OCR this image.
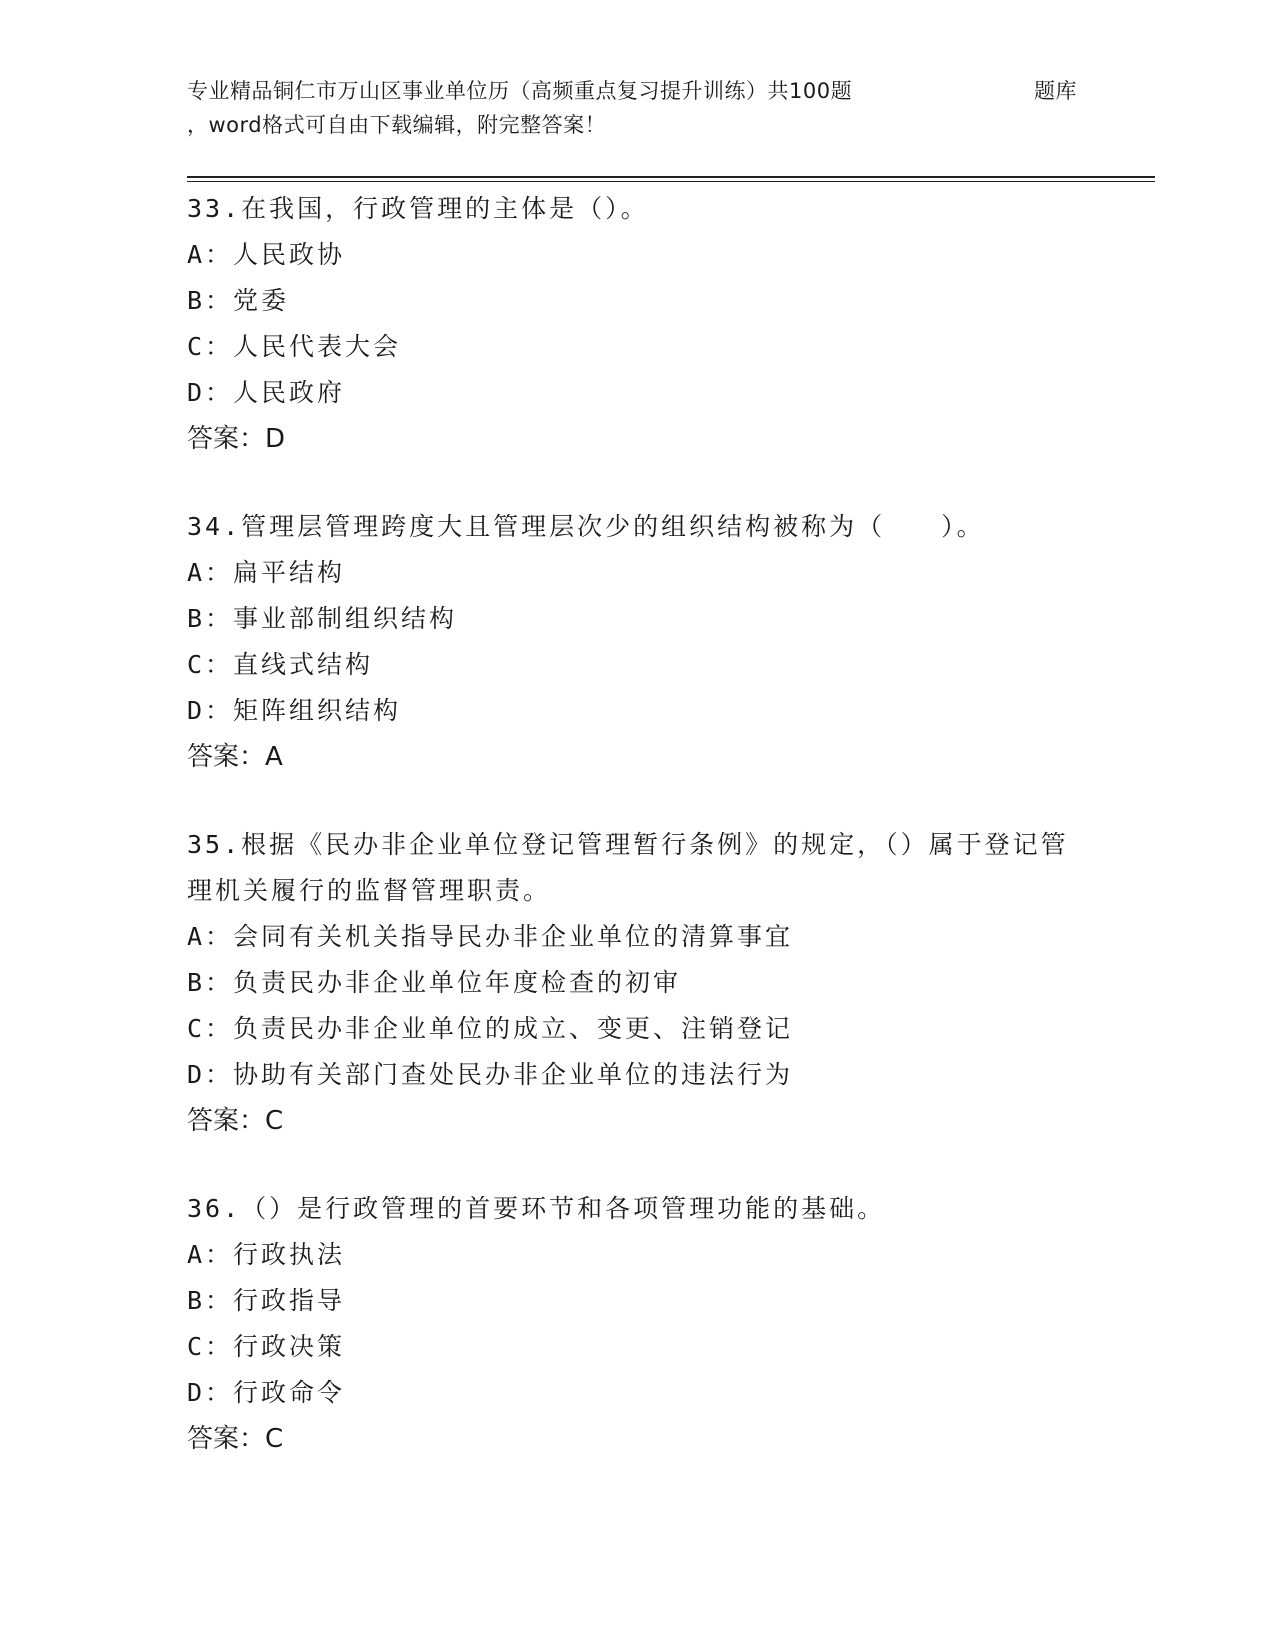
专业精品铜仁市万山区事业单位历（高频重点复习提升训练）共100题	题库
，word格式可自由下载编辑，附完整答案！
33.在我国，行政管理的主体是（）。
A：人民政协
B：党委
C：人民代表大会
D：人民政府
答案：D
34.管理层管理跨度大且管理层次少的组织结构被称为（　　）。
A：扁平结构
B：事业部制组织结构
C：直线式结构
D：矩阵组织结构
答案：A
35.根据《民办非企业单位登记管理暂行条例》的规定，（）属于登记管理机关履行的监督管理职责。
A：会同有关机关指导民办非企业单位的清算事宜
B：负责民办非企业单位年度检查的初审
C：负责民办非企业单位的成立、变更、注销登记
D：协助有关部门查处民办非企业单位的违法行为
答案：C
36.（）是行政管理的首要环节和各项管理功能的基础。
A：行政执法
B：行政指导
C：行政决策
D：行政命令
答案：C
